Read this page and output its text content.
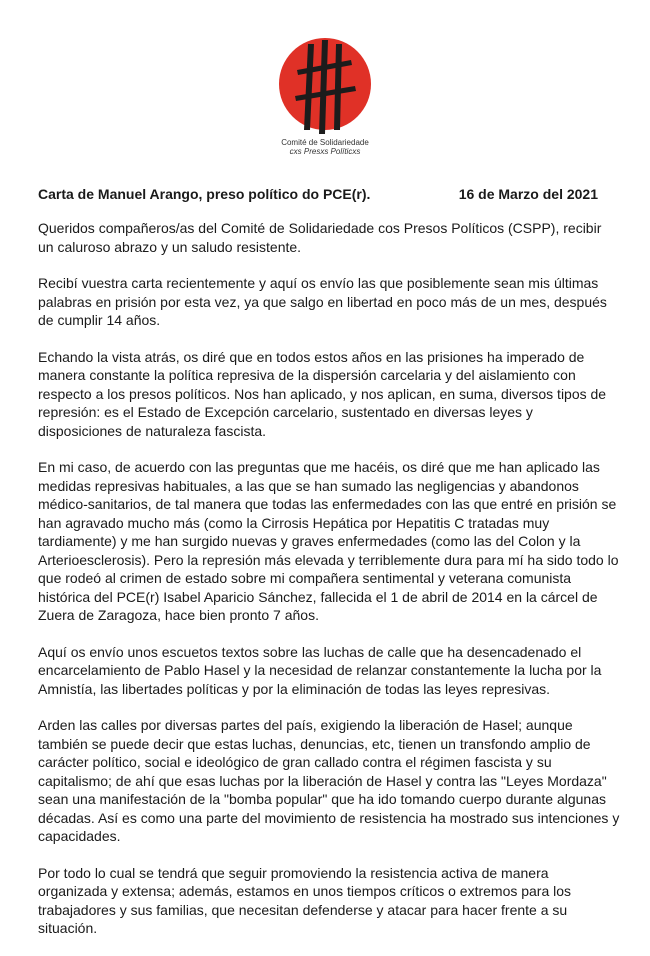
Comité de Solidariedade
cxs Presxs Políticxs
Carta de Manuel Arango, preso político do PCE(r).	16 de Marzo del 2021

Queridos compañeros/as del Comité de Solidariedade cos Presos Políticos (CSPP), recibir un caluroso abrazo y un saludo resistente.

Recibí vuestra carta recientemente y aquí os envío las que posiblemente sean mis últimas palabras en prisión por esta vez, ya que salgo en libertad en poco más de un mes, después de cumplir 14 años.

Echando la vista atrás, os diré que en todos estos años en las prisiones ha imperado de manera constante la política represiva de la dispersión carcelaria y del aislamiento con respecto a los presos políticos. Nos han aplicado, y nos aplican, en suma, diversos tipos de represión: es el Estado de Excepción carcelario, sustentado en diversas leyes y disposiciones de naturaleza fascista.

En mi caso, de acuerdo con las preguntas que me hacéis, os diré que me han aplicado las medidas represivas habituales, a las que se han sumado las negligencias y abandonos médico-sanitarios, de tal manera que todas las enfermedades con las que entré en prisión se han agravado mucho más (como la Cirrosis Hepática por Hepatitis C tratadas muy tardiamente) y me han surgido nuevas y graves enfermedades (como las del Colon y la Arterioesclerosis). Pero la represión más elevada y terriblemente dura para mí ha sido todo lo que rodeó al crimen de estado sobre mi compañera sentimental y veterana comunista histórica del PCE(r) Isabel Aparicio Sánchez, fallecida el 1 de abril de 2014 en la cárcel de Zuera de Zaragoza, hace bien pronto 7 años.

Aquí os envío unos escuetos textos sobre las luchas de calle que ha desencadenado el encarcelamiento de Pablo Hasel y la necesidad de relanzar constantemente la lucha por la Amnistía, las libertades políticas y por la eliminación de todas las leyes represivas.

Arden las calles por diversas partes del país, exigiendo la liberación de Hasel; aunque también se puede decir que estas luchas, denuncias, etc, tienen un transfondo amplio de carácter político, social e ideológico de gran callado contra el régimen fascista y su capitalismo; de ahí que esas luchas por la liberación de Hasel y contra las "Leyes Mordaza" sean una manifestación de la "bomba popular" que ha ido tomando cuerpo durante algunas décadas. Así es como una parte del movimiento de resistencia ha mostrado sus intenciones y capacidades.

Por todo lo cual se tendrá que seguir promoviendo la resistencia activa de manera organizada y extensa; además, estamos en unos tiempos críticos o extremos para los trabajadores y sus familias, que necesitan defenderse y atacar para hacer frente a su situación.
